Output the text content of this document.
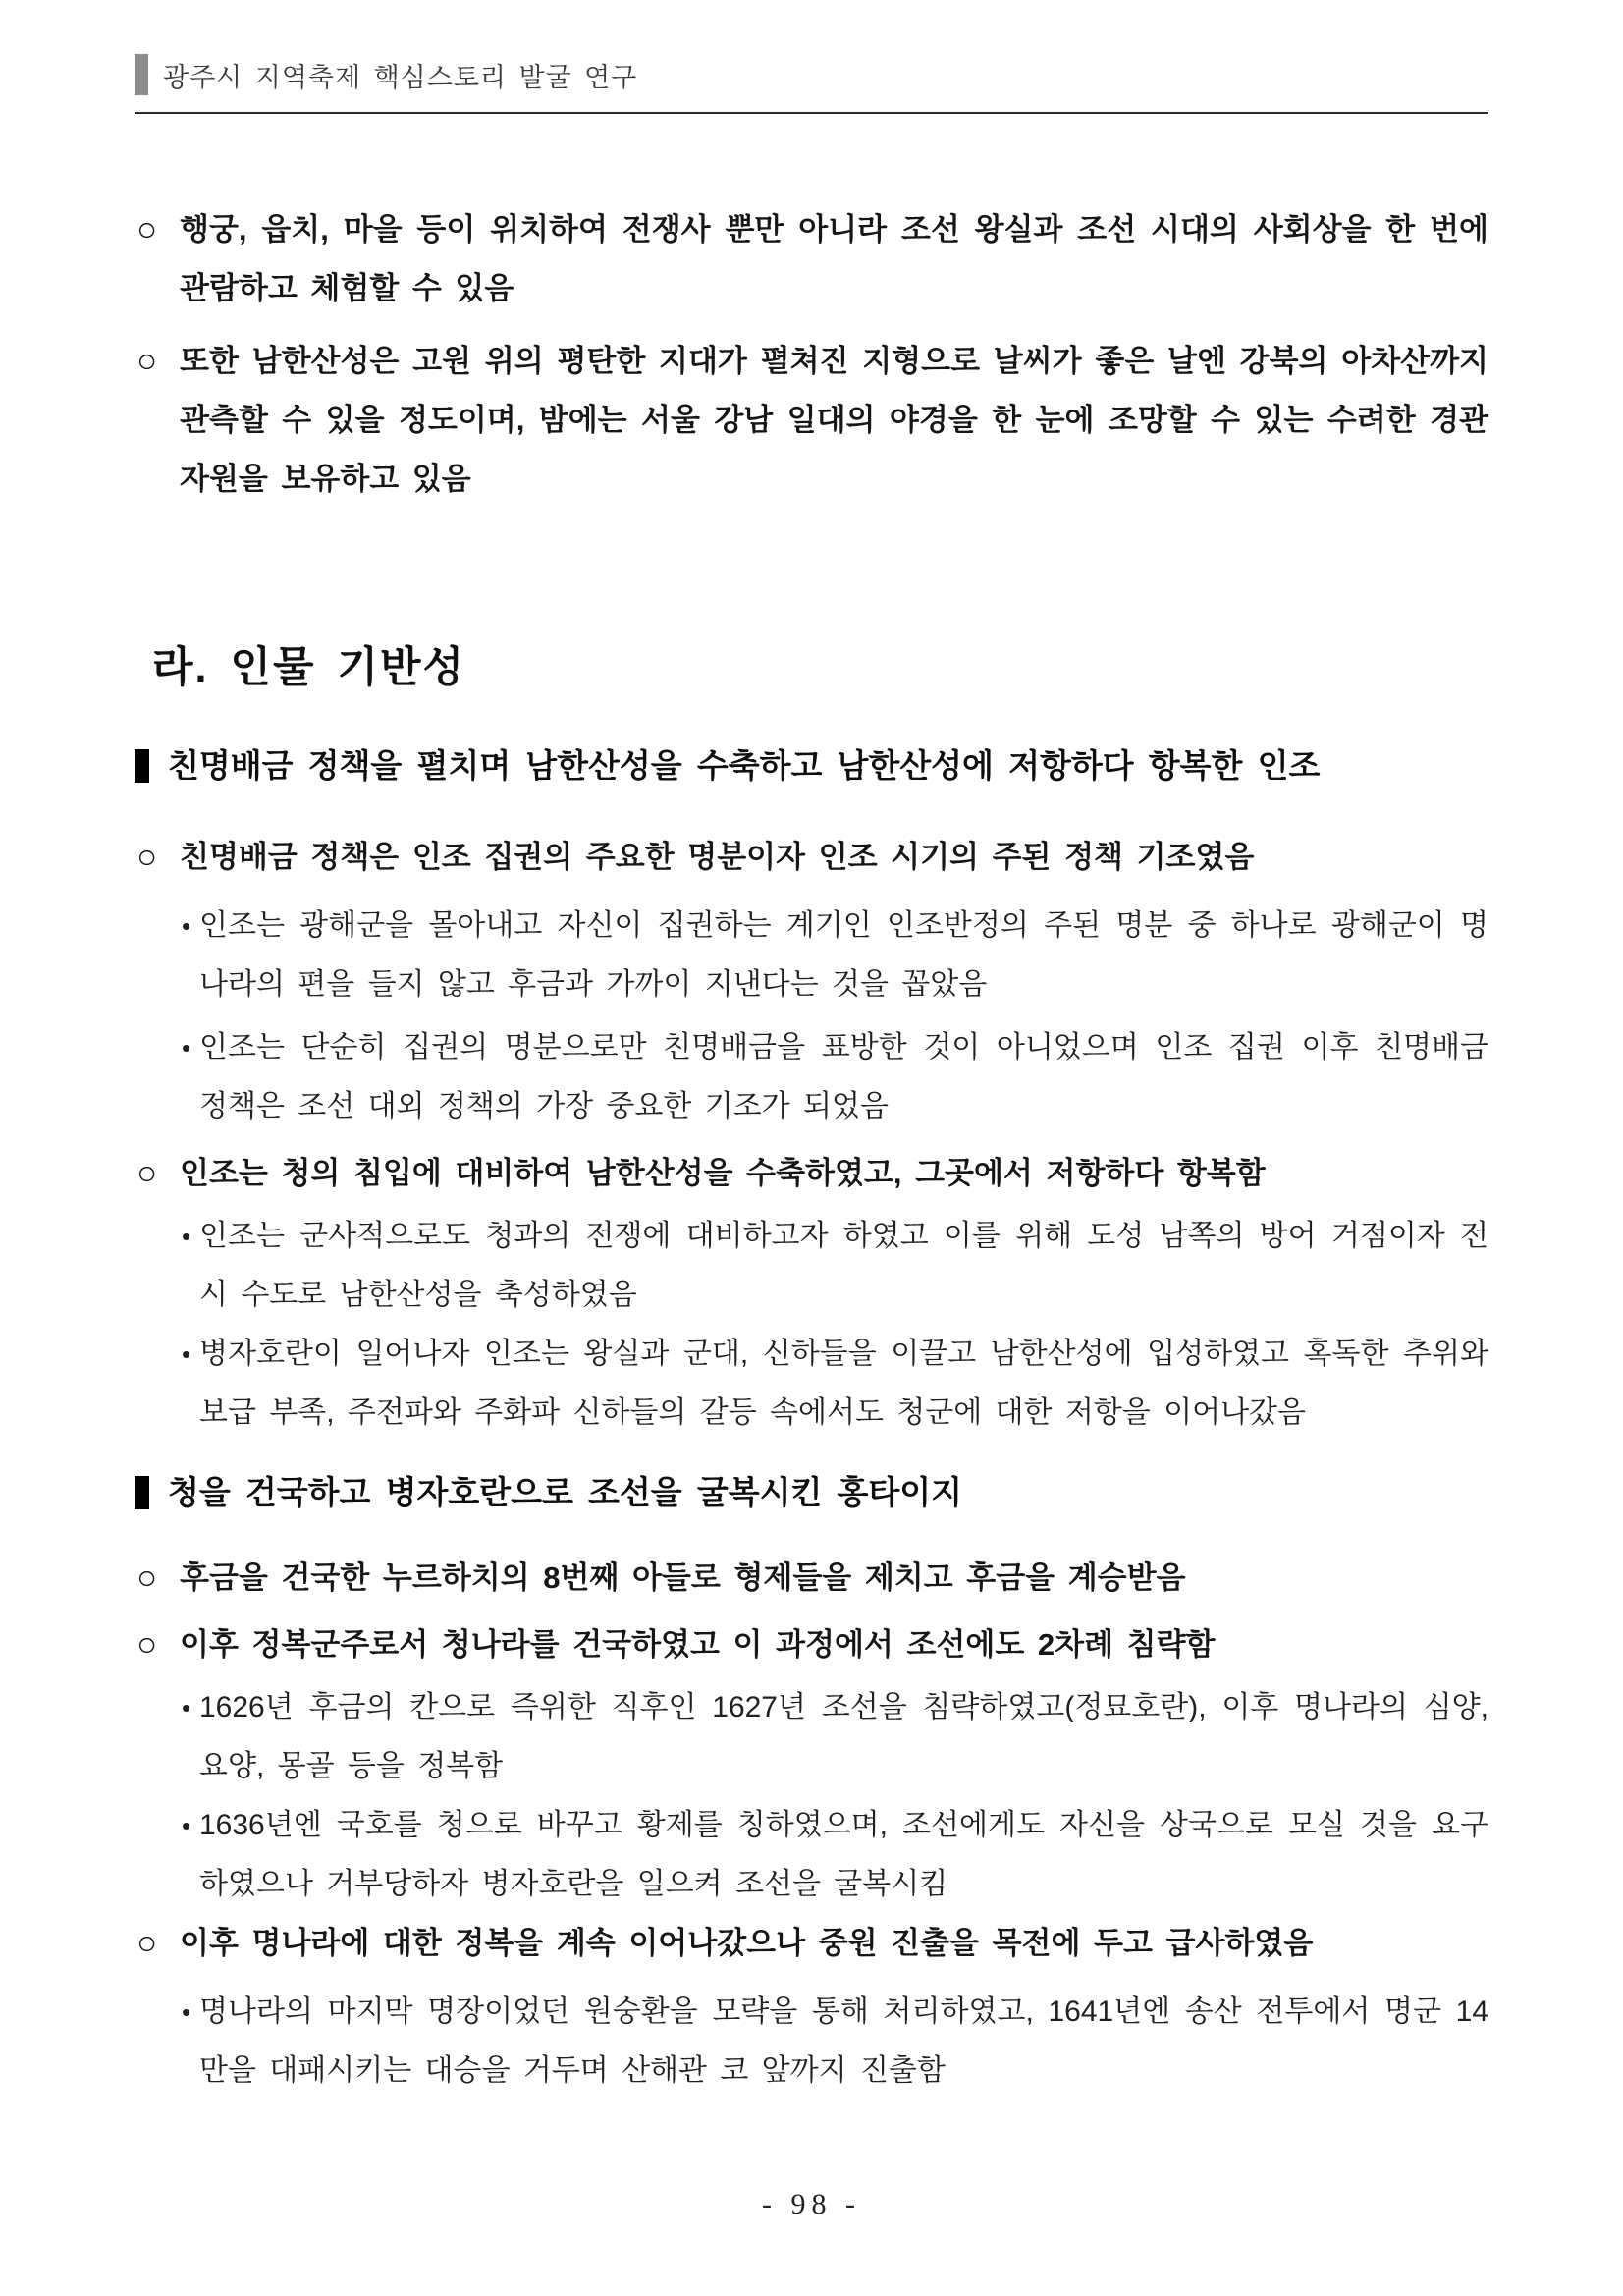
광주시 지역축제 핵심스토리 발굴 연구
○ 행궁, 읍치, 마을 등이 위치하여 전쟁사 뿐만 아니라 조선 왕실과 조선 시대의 사회상을 한 번에 관람하고 체험할 수 있음
○ 또한 남한산성은 고원 위의 평탄한 지대가 펼쳐진 지형으로 날씨가 좋은 날엔 강북의 아차산까지 관측할 수 있을 정도이며, 밤에는 서울 강남 일대의 야경을 한 눈에 조망할 수 있는 수려한 경관자원을 보유하고 있음
라. 인물 기반성
친명배금 정책을 펼치며 남한산성을 수축하고 남한산성에 저항하다 항복한 인조
○ 친명배금 정책은 인조 집권의 주요한 명분이자 인조 시기의 주된 정책 기조였음
• 인조는 광해군을 몰아내고 자신이 집권하는 계기인 인조반정의 주된 명분 중 하나로 광해군이 명나라의 편을 들지 않고 후금과 가까이 지낸다는 것을 꼽았음
• 인조는 단순히 집권의 명분으로만 친명배금을 표방한 것이 아니었으며 인조 집권 이후 친명배금 정책은 조선 대외 정책의 가장 중요한 기조가 되었음
○ 인조는 청의 침입에 대비하여 남한산성을 수축하였고, 그곳에서 저항하다 항복함
• 인조는 군사적으로도 청과의 전쟁에 대비하고자 하였고 이를 위해 도성 남쪽의 방어 거점이자 전시 수도로 남한산성을 축성하였음
• 병자호란이 일어나자 인조는 왕실과 군대, 신하들을 이끌고 남한산성에 입성하였고 혹독한 추위와 보급 부족, 주전파와 주화파 신하들의 갈등 속에서도 청군에 대한 저항을 이어나갔음
청을 건국하고 병자호란으로 조선을 굴복시킨 홍타이지
○ 후금을 건국한 누르하치의 8번째 아들로 형제들을 제치고 후금을 계승받음
○ 이후 정복군주로서 청나라를 건국하였고 이 과정에서 조선에도 2차례 침략함
• 1626년 후금의 칸으로 즉위한 직후인 1627년 조선을 침략하였고(정묘호란), 이후 명나라의 심양, 요양, 몽골 등을 정복함
• 1636년엔 국호를 청으로 바꾸고 황제를 칭하였으며, 조선에게도 자신을 상국으로 모실 것을 요구하였으나 거부당하자 병자호란을 일으켜 조선을 굴복시킴
○ 이후 명나라에 대한 정복을 계속 이어나갔으나 중원 진출을 목전에 두고 급사하였음
• 명나라의 마지막 명장이었던 원숭환을 모략을 통해 처리하였고, 1641년엔 송산 전투에서 명군 14만을 대패시키는 대승을 거두며 산해관 코 앞까지 진출함
- 98 -
